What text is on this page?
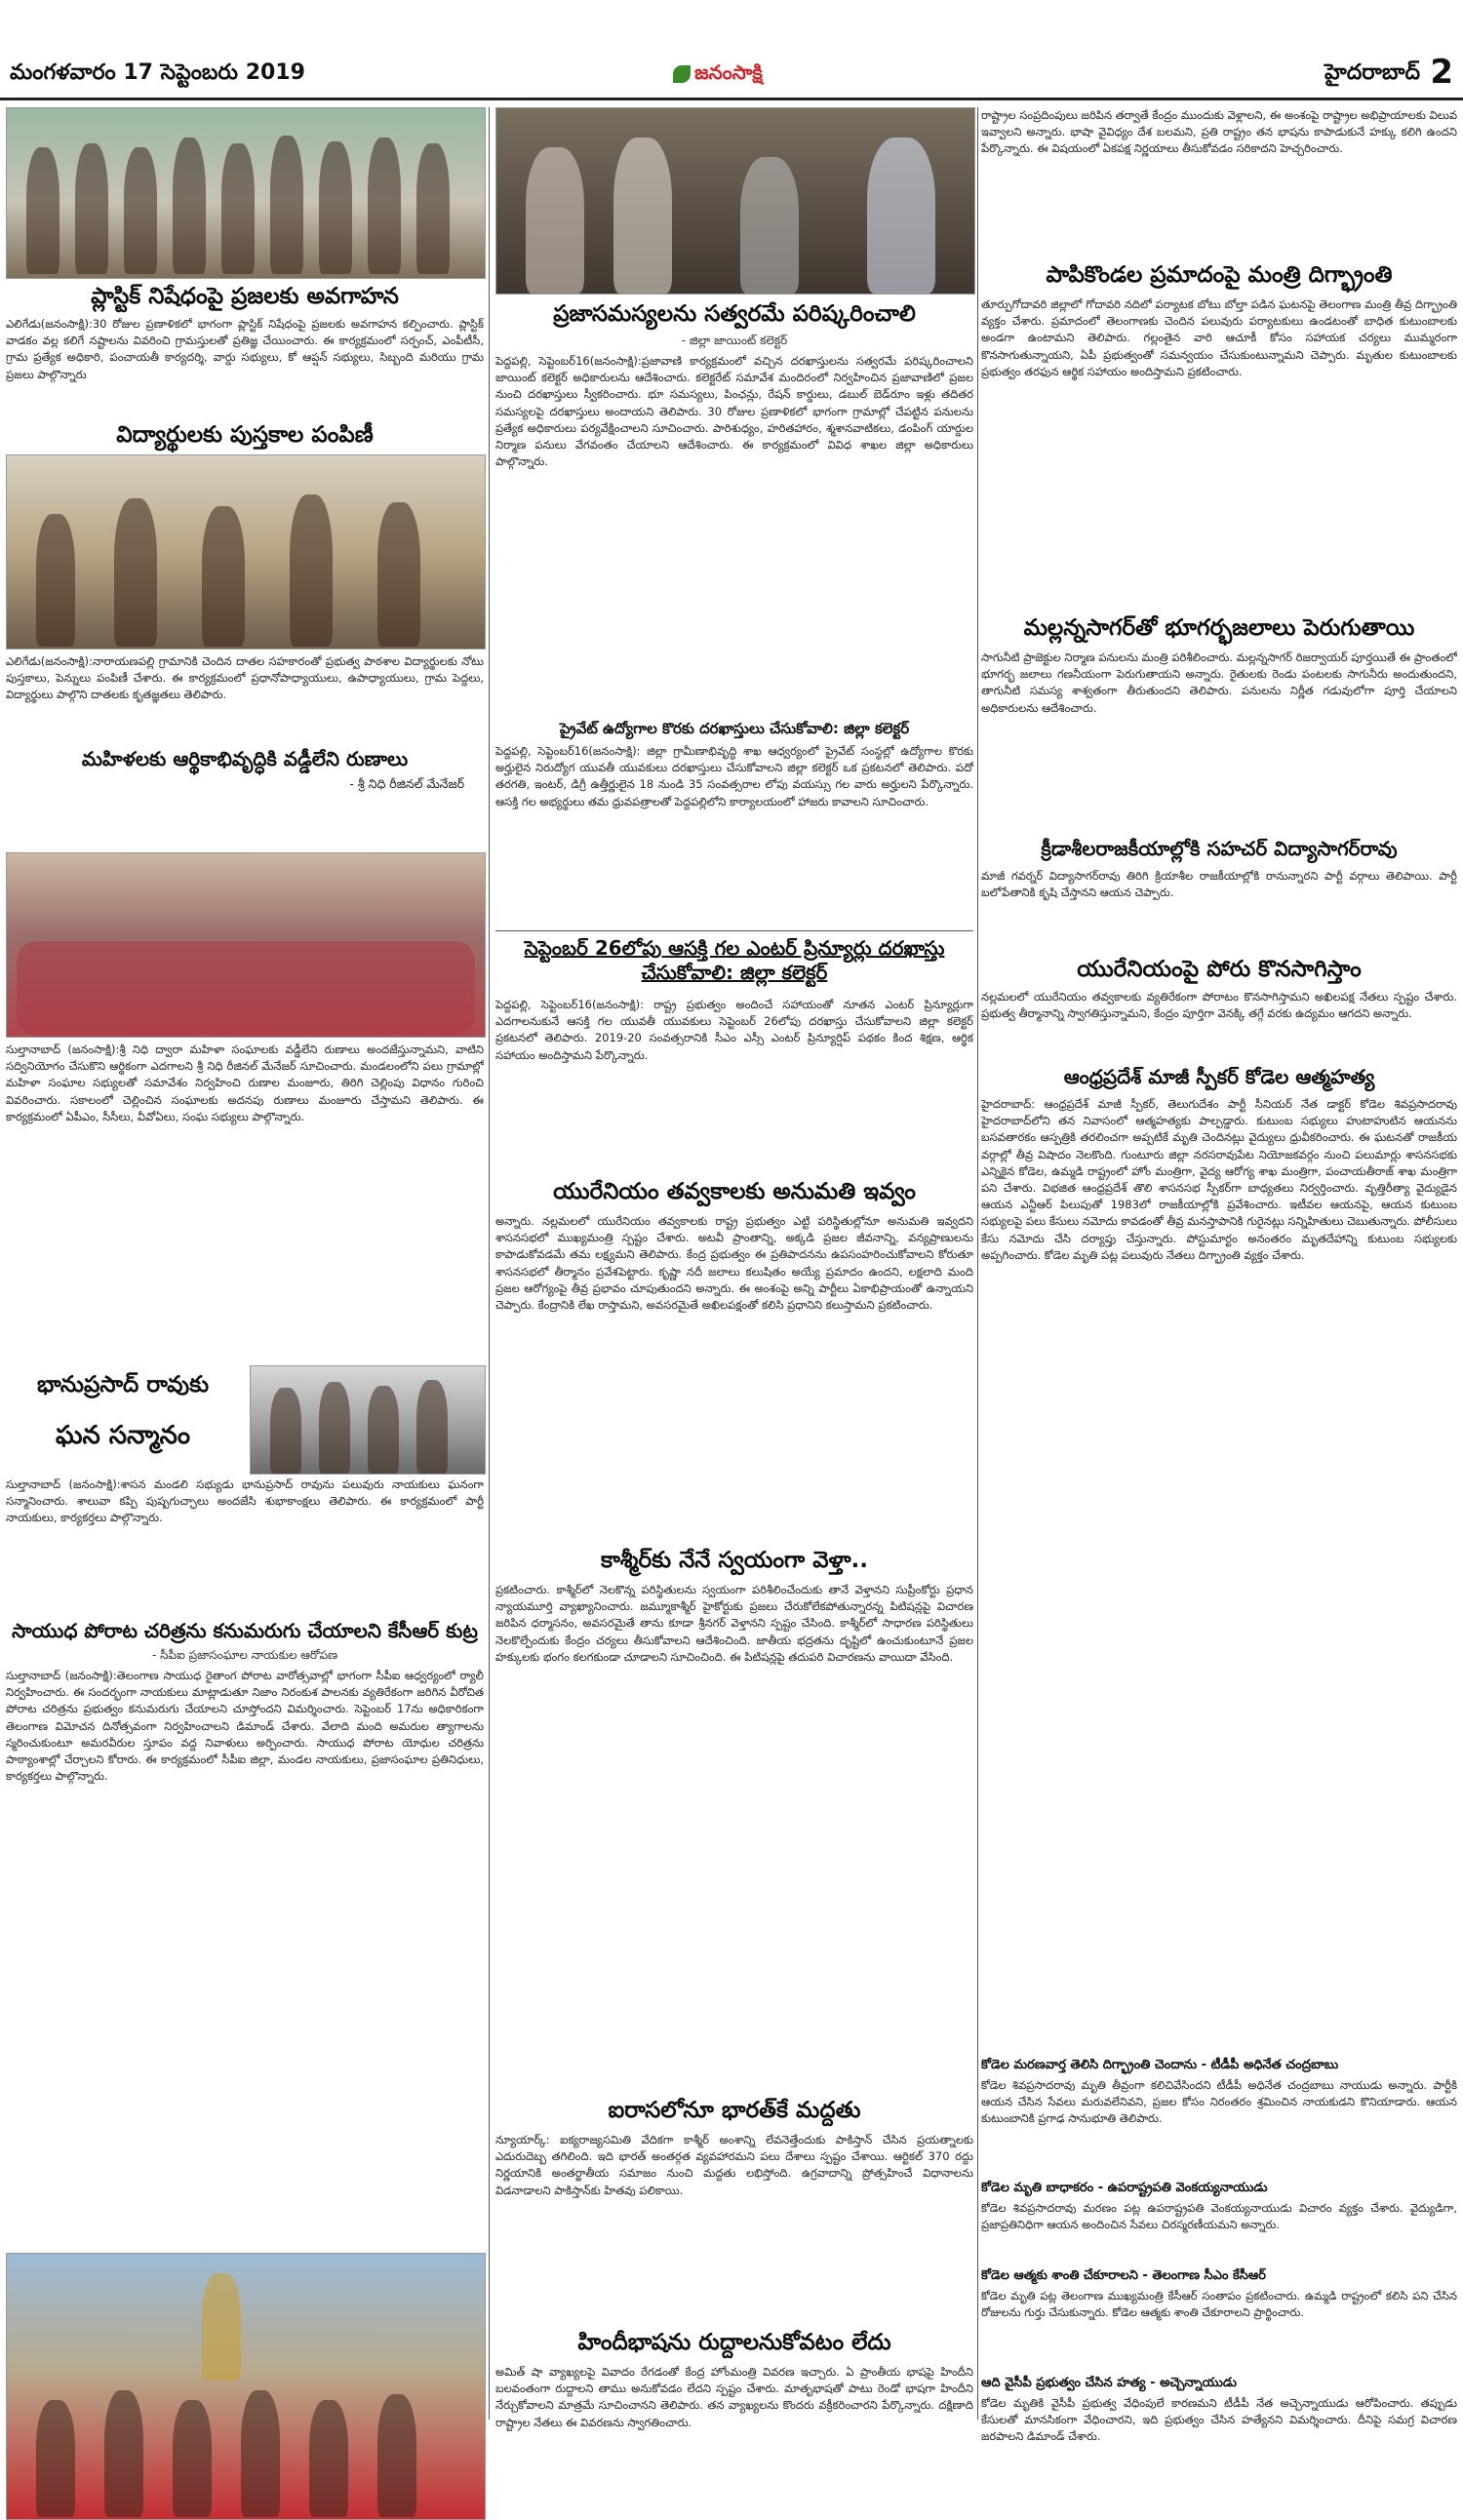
మంగళవారం 17 సెప్టెంబరు 2019	జనంసాక్షి	హైదరాబాద్ 2
ప్లాస్టిక్ నిషేధంపై ప్రజలకు అవగాహన
ఎలిగేడు(జనంసాక్షి):30 రోజుల ప్రణాళికలో భాగంగా ప్లాస్టిక్ నిషేధంపై ప్రజలకు అవగాహన కల్పించారు. ప్లాస్టిక్ వాడకం వల్ల కలిగే నష్టాలను వివరించి గ్రామస్తులతో ప్రతిజ్ఞ చేయించారు. ఈ కార్యక్రమంలో సర్పంచ్, ఎంపీటీసీ, గ్రామ ప్రత్యేక అధికారి, పంచాయతీ కార్యదర్శి, వార్డు సభ్యులు, కో ఆప్షన్ సభ్యులు, సిబ్బంది మరియు గ్రామ ప్రజలు పాల్గొన్నారు
విద్యార్థులకు పుస్తకాల పంపిణీ
ఎలిగేడు(జనంసాక్షి):నారాయణపల్లి గ్రామానికి చెందిన దాతల సహకారంతో ప్రభుత్వ పాఠశాల విద్యార్థులకు నోటు పుస్తకాలు, పెన్నులు పంపిణీ చేశారు. ఈ కార్యక్రమంలో ప్రధానోపాధ్యాయులు, ఉపాధ్యాయులు, గ్రామ పెద్దలు, విద్యార్థులు పాల్గొని దాతలకు కృతజ్ఞతలు తెలిపారు.
మహిళలకు ఆర్థికాభివృద్ధికి వడ్డీలేని రుణాలు
- శ్రీ నిధి రీజినల్ మేనేజర్
సుల్తానాబాద్ (జనంసాక్షి):శ్రీ నిధి ద్వారా మహిళా సంఘాలకు వడ్డీలేని రుణాలు అందజేస్తున్నామని, వాటిని సద్వినియోగం చేసుకొని ఆర్థికంగా ఎదగాలని శ్రీ నిధి రీజినల్ మేనేజర్ సూచించారు. మండలంలోని పలు గ్రామాల్లో మహిళా సంఘాల సభ్యులతో సమావేశం నిర్వహించి రుణాల మంజూరు, తిరిగి చెల్లింపు విధానం గురించి వివరించారు. సకాలంలో చెల్లించిన సంఘాలకు అదనపు రుణాలు మంజూరు చేస్తామని తెలిపారు. ఈ కార్యక్రమంలో ఏపీఎం, సీసీలు, వీవోఏలు, సంఘ సభ్యులు పాల్గొన్నారు.
భానుప్రసాద్ రావుకు
ఘన సన్మానం
సుల్తానాబాద్ (జనంసాక్షి):శాసన మండలి సభ్యుడు భానుప్రసాద్ రావును పలువురు నాయకులు ఘనంగా సన్మానించారు. శాలువా కప్పి పుష్పగుచ్ఛాలు అందజేసి శుభాకాంక్షలు తెలిపారు. ఈ కార్యక్రమంలో పార్టీ నాయకులు, కార్యకర్తలు పాల్గొన్నారు.
సాయుధ పోరాట చరిత్రను కనుమరుగు చేయాలని కేసీఆర్ కుట్ర
- సీపీఐ ప్రజాసంఘాల నాయకుల ఆరోపణ
సుల్తానాబాద్ (జనంసాక్షి):తెలంగాణ సాయుధ రైతాంగ పోరాట వారోత్సవాల్లో భాగంగా సీపీఐ ఆధ్వర్యంలో ర్యాలీ నిర్వహించారు. ఈ సందర్భంగా నాయకులు మాట్లాడుతూ నిజాం నిరంకుశ పాలనకు వ్యతిరేకంగా జరిగిన వీరోచిత పోరాట చరిత్రను ప్రభుత్వం కనుమరుగు చేయాలని చూస్తోందని విమర్శించారు. సెప్టెంబర్ 17ను అధికారికంగా తెలంగాణ విమోచన దినోత్సవంగా నిర్వహించాలని డిమాండ్ చేశారు. వేలాది మంది అమరుల త్యాగాలను స్మరించుకుంటూ అమరవీరుల స్తూపం వద్ద నివాళులు అర్పించారు. సాయుధ పోరాట యోధుల చరిత్రను పాఠ్యాంశాల్లో చేర్చాలని కోరారు. ఈ కార్యక్రమంలో సీపీఐ జిల్లా, మండల నాయకులు, ప్రజాసంఘాల ప్రతినిధులు, కార్యకర్తలు పాల్గొన్నారు.
ప్రజాసమస్యలను సత్వరమే పరిష్కరించాలి
- జిల్లా జాయింట్ కలెక్టర్
పెద్దపల్లి, సెప్టెంబర్16(జనంసాక్షి):ప్రజావాణి కార్యక్రమంలో వచ్చిన దరఖాస్తులను సత్వరమే పరిష్కరించాలని జాయింట్ కలెక్టర్ అధికారులను ఆదేశించారు. కలెక్టరేట్ సమావేశ మందిరంలో నిర్వహించిన ప్రజావాణిలో ప్రజల నుంచి దరఖాస్తులు స్వీకరించారు. భూ సమస్యలు, పింఛన్లు, రేషన్ కార్డులు, డబుల్ బెడ్‌రూం ఇళ్లు తదితర సమస్యలపై దరఖాస్తులు అందాయని తెలిపారు. 30 రోజుల ప్రణాళికలో భాగంగా గ్రామాల్లో చేపట్టిన పనులను ప్రత్యేక అధికారులు పర్యవేక్షించాలని సూచించారు. పారిశుధ్యం, హరితహారం, శ్మశానవాటికలు, డంపింగ్ యార్డుల నిర్మాణ పనులు వేగవంతం చేయాలని ఆదేశించారు. ఈ కార్యక్రమంలో వివిధ శాఖల జిల్లా అధికారులు పాల్గొన్నారు.
ప్రైవేట్ ఉద్యోగాల కొరకు దరఖాస్తులు చేసుకోవాలి: జిల్లా కలెక్టర్
పెద్దపల్లి, సెప్టెంబర్16(జనంసాక్షి): జిల్లా గ్రామీణాభివృద్ధి శాఖ ఆధ్వర్యంలో ప్రైవేట్ సంస్థల్లో ఉద్యోగాల కొరకు అర్హులైన నిరుద్యోగ యువతీ యువకులు దరఖాస్తులు చేసుకోవాలని జిల్లా కలెక్టర్ ఒక ప్రకటనలో తెలిపారు. పదో తరగతి, ఇంటర్, డిగ్రీ ఉత్తీర్ణులైన 18 నుండి 35 సంవత్సరాల లోపు వయస్సు గల వారు అర్హులని పేర్కొన్నారు. ఆసక్తి గల అభ్యర్థులు తమ ధ్రువపత్రాలతో పెద్దపల్లిలోని కార్యాలయంలో హాజరు కావాలని సూచించారు.
సెప్టెంబర్ 26లోపు ఆసక్తి గల ఎంటర్ ప్రిన్యూర్లు దరఖాస్తు చేసుకోవాలి: జిల్లా కలెక్టర్
పెద్దపల్లి, సెప్టెంబర్16(జనంసాక్షి): రాష్ట్ర ప్రభుత్వం అందించే సహాయంతో నూతన ఎంటర్ ప్రిన్యూర్లుగా ఎదగాలనుకునే ఆసక్తి గల యువతీ యువకులు సెప్టెంబర్ 26లోపు దరఖాస్తు చేసుకోవాలని జిల్లా కలెక్టర్ ప్రకటనలో తెలిపారు. 2019-20 సంవత్సరానికి సీఎం ఎస్సీ ఎంటర్ ప్రిన్యూర్షిప్ పథకం కింద శిక్షణ, ఆర్థిక సహాయం అందిస్తామని పేర్కొన్నారు.
యురేనియం తవ్వకాలకు అనుమతి ఇవ్వం
అన్నారు. నల్లమలలో యురేనియం తవ్వకాలకు రాష్ట్ర ప్రభుత్వం ఎట్టి పరిస్థితుల్లోనూ అనుమతి ఇవ్వదని శాసనసభలో ముఖ్యమంత్రి స్పష్టం చేశారు. అటవీ ప్రాంతాన్ని, అక్కడి ప్రజల జీవనాన్ని, వన్యప్రాణులను కాపాడుకోవడమే తమ లక్ష్యమని తెలిపారు. కేంద్ర ప్రభుత్వం ఈ ప్రతిపాదనను ఉపసంహరించుకోవాలని కోరుతూ శాసనసభలో తీర్మానం ప్రవేశపెట్టారు. కృష్ణా నదీ జలాలు కలుషితం అయ్యే ప్రమాదం ఉందని, లక్షలాది మంది ప్రజల ఆరోగ్యంపై తీవ్ర ప్రభావం చూపుతుందని అన్నారు. ఈ అంశంపై అన్ని పార్టీలు ఏకాభిప్రాయంతో ఉన్నాయని చెప్పారు. కేంద్రానికి లేఖ రాస్తామని, అవసరమైతే అఖిలపక్షంతో కలిసి ప్రధానిని కలుస్తామని ప్రకటించారు.
కాశ్మీర్‌కు నేనే స్వయంగా వెళ్తా..
ప్రకటించారు. కాశ్మీర్‌లో నెలకొన్న పరిస్థితులను స్వయంగా పరిశీలించేందుకు తానే వెళ్తానని సుప్రీంకోర్టు ప్రధాన న్యాయమూర్తి వ్యాఖ్యానించారు. జమ్మూకాశ్మీర్ హైకోర్టుకు ప్రజలు చేరుకోలేకపోతున్నారన్న పిటిషన్లపై విచారణ జరిపిన ధర్మాసనం, అవసరమైతే తాను కూడా శ్రీనగర్ వెళ్తానని స్పష్టం చేసింది. కాశ్మీర్‌లో సాధారణ పరిస్థితులు నెలకొల్పేందుకు కేంద్రం చర్యలు తీసుకోవాలని ఆదేశించింది. జాతీయ భద్రతను దృష్టిలో ఉంచుకుంటూనే ప్రజల హక్కులకు భంగం కలగకుండా చూడాలని సూచించింది. ఈ పిటిషన్లపై తదుపరి విచారణను వాయిదా వేసింది.
ఐరాసలోనూ భారత్‌కే మద్దతు
న్యూయార్క్: ఐక్యరాజ్యసమితి వేదికగా కాశ్మీర్ అంశాన్ని లేవనెత్తేందుకు పాకిస్తాన్ చేసిన ప్రయత్నాలకు ఎదురుదెబ్బ తగిలింది. ఇది భారత్ అంతర్గత వ్యవహారమని పలు దేశాలు స్పష్టం చేశాయి. ఆర్టికల్ 370 రద్దు నిర్ణయానికి అంతర్జాతీయ సమాజం నుంచి మద్దతు లభిస్తోంది. ఉగ్రవాదాన్ని ప్రోత్సహించే విధానాలను విడనాడాలని పాకిస్తాన్‌కు హితవు పలికాయి.
హిందీభాషను రుద్దాలనుకోవటం లేదు
అమిత్ షా వ్యాఖ్యలపై వివాదం రేగడంతో కేంద్ర హోంమంత్రి వివరణ ఇచ్చారు. ఏ ప్రాంతీయ భాషపై హిందీని బలవంతంగా రుద్దాలని తాము అనుకోవడం లేదని స్పష్టం చేశారు. మాతృభాషతో పాటు రెండో భాషగా హిందీని నేర్చుకోవాలని మాత్రమే సూచించానని తెలిపారు. తన వ్యాఖ్యలను కొందరు వక్రీకరించారని పేర్కొన్నారు. దక్షిణాది రాష్ట్రాల నేతలు ఈ వివరణను స్వాగతించారు.
రాష్ట్రాల సంప్రదింపులు జరిపిన తర్వాతే కేంద్రం ముందుకు వెళ్లాలని, ఈ అంశంపై రాష్ట్రాల అభిప్రాయాలకు విలువ ఇవ్వాలని అన్నారు. భాషా వైవిధ్యం దేశ బలమని, ప్రతి రాష్ట్రం తన భాషను కాపాడుకునే హక్కు కలిగి ఉందని పేర్కొన్నారు. ఈ విషయంలో ఏకపక్ష నిర్ణయాలు తీసుకోవడం సరికాదని హెచ్చరించారు.
పాపికొండల ప్రమాదంపై మంత్రి దిగ్భ్రాంతి
తూర్పుగోదావరి జిల్లాలో గోదావరి నదిలో పర్యాటక బోటు బోల్తా పడిన ఘటనపై తెలంగాణ మంత్రి తీవ్ర దిగ్భ్రాంతి వ్యక్తం చేశారు. ప్రమాదంలో తెలంగాణకు చెందిన పలువురు పర్యాటకులు ఉండటంతో బాధిత కుటుంబాలకు అండగా ఉంటామని తెలిపారు. గల్లంతైన వారి ఆచూకీ కోసం సహాయక చర్యలు ముమ్మరంగా కొనసాగుతున్నాయని, ఏపీ ప్రభుత్వంతో సమన్వయం చేసుకుంటున్నామని చెప్పారు. మృతుల కుటుంబాలకు ప్రభుత్వం తరఫున ఆర్థిక సహాయం అందిస్తామని ప్రకటించారు.
మల్లన్నసాగర్‌తో భూగర్భజలాలు పెరుగుతాయి
సాగునీటి ప్రాజెక్టుల నిర్మాణ పనులను మంత్రి పరిశీలించారు. మల్లన్నసాగర్ రిజర్వాయర్ పూర్తయితే ఈ ప్రాంతంలో భూగర్భ జలాలు గణనీయంగా పెరుగుతాయని అన్నారు. రైతులకు రెండు పంటలకు సాగునీరు అందుతుందని, తాగునీటి సమస్య శాశ్వతంగా తీరుతుందని తెలిపారు. పనులను నిర్ణీత గడువులోగా పూర్తి చేయాలని అధికారులను ఆదేశించారు.
క్రీడాశీలరాజకీయాల్లోకి సహచర్ విద్యాసాగర్‌రావు
మాజీ గవర్నర్ విద్యాసాగర్‌రావు తిరిగి క్రియాశీల రాజకీయాల్లోకి రానున్నారని పార్టీ వర్గాలు తెలిపాయి. పార్టీ బలోపేతానికి కృషి చేస్తానని ఆయన చెప్పారు.
యురేనియంపై పోరు కొనసాగిస్తాం
నల్లమలలో యురేనియం తవ్వకాలకు వ్యతిరేకంగా పోరాటం కొనసాగిస్తామని అఖిలపక్ష నేతలు స్పష్టం చేశారు. ప్రభుత్వ తీర్మానాన్ని స్వాగతిస్తున్నామని, కేంద్రం పూర్తిగా వెనక్కి తగ్గే వరకు ఉద్యమం ఆగదని అన్నారు.
ఆంధ్రప్రదేశ్ మాజీ స్పీకర్ కోడెల ఆత్మహత్య
హైదరాబాద్: ఆంధ్రప్రదేశ్ మాజీ స్పీకర్, తెలుగుదేశం పార్టీ సీనియర్ నేత డాక్టర్ కోడెల శివప్రసాదరావు హైదరాబాద్‌లోని తన నివాసంలో ఆత్మహత్యకు పాల్పడ్డారు. కుటుంబ సభ్యులు హుటాహుటిన ఆయనను బసవతారకం ఆస్పత్రికి తరలించగా అప్పటికే మృతి చెందినట్లు వైద్యులు ధ్రువీకరించారు. ఈ ఘటనతో రాజకీయ వర్గాల్లో తీవ్ర విషాదం నెలకొంది. గుంటూరు జిల్లా నరసరావుపేట నియోజకవర్గం నుంచి పలుమార్లు శాసనసభకు ఎన్నికైన కోడెల, ఉమ్మడి రాష్ట్రంలో హోం మంత్రిగా, వైద్య ఆరోగ్య శాఖ మంత్రిగా, పంచాయతీరాజ్ శాఖ మంత్రిగా పని చేశారు. విభజిత ఆంధ్రప్రదేశ్ తొలి శాసనసభ స్పీకర్‌గా బాధ్యతలు నిర్వర్తించారు. వృత్తిరీత్యా వైద్యుడైన ఆయన ఎన్టీఆర్ పిలుపుతో 1983లో రాజకీయాల్లోకి ప్రవేశించారు. ఇటీవల ఆయనపై, ఆయన కుటుంబ సభ్యులపై పలు కేసులు నమోదు కావడంతో తీవ్ర మనస్తాపానికి గురైనట్లు సన్నిహితులు చెబుతున్నారు. పోలీసులు కేసు నమోదు చేసి దర్యాప్తు చేస్తున్నారు. పోస్టుమార్టం అనంతరం మృతదేహాన్ని కుటుంబ సభ్యులకు అప్పగించారు. కోడెల మృతి పట్ల పలువురు నేతలు దిగ్భ్రాంతి వ్యక్తం చేశారు.
కోడెల మరణవార్త తెలిసి దిగ్భ్రాంతి చెందాను - టీడీపీ అధినేత చంద్రబాబు
కోడెల శివప్రసాదరావు మృతి తీవ్రంగా కలిచివేసిందని టీడీపీ అధినేత చంద్రబాబు నాయుడు అన్నారు. పార్టీకి ఆయన చేసిన సేవలు మరువలేనివని, ప్రజల కోసం నిరంతరం శ్రమించిన నాయకుడని కొనియాడారు. ఆయన కుటుంబానికి ప్రగాఢ సానుభూతి తెలిపారు.
కోడెల మృతి బాధాకరం - ఉపరాష్ట్రపతి వెంకయ్యనాయుడు
కోడెల శివప్రసాదరావు మరణం పట్ల ఉపరాష్ట్రపతి వెంకయ్యనాయుడు విచారం వ్యక్తం చేశారు. వైద్యుడిగా, ప్రజాప్రతినిధిగా ఆయన అందించిన సేవలు చిరస్మరణీయమని అన్నారు.
కోడెల ఆత్మకు శాంతి చేకూరాలని - తెలంగాణ సీఎం కేసీఆర్
కోడెల మృతి పట్ల తెలంగాణ ముఖ్యమంత్రి కేసీఆర్ సంతాపం ప్రకటించారు. ఉమ్మడి రాష్ట్రంలో కలిసి పని చేసిన రోజులను గుర్తు చేసుకున్నారు. కోడెల ఆత్మకు శాంతి చేకూరాలని ప్రార్థించారు.
ఆది వైసీపీ ప్రభుత్వం చేసిన హత్య - అచ్చెన్నాయుడు
కోడెల మృతికి వైసీపీ ప్రభుత్వ వేధింపులే కారణమని టీడీపీ నేత అచ్చెన్నాయుడు ఆరోపించారు. తప్పుడు కేసులతో మానసికంగా వేధించారని, ఇది ప్రభుత్వం చేసిన హత్యేనని విమర్శించారు. దీనిపై సమగ్ర విచారణ జరపాలని డిమాండ్ చేశారు.
